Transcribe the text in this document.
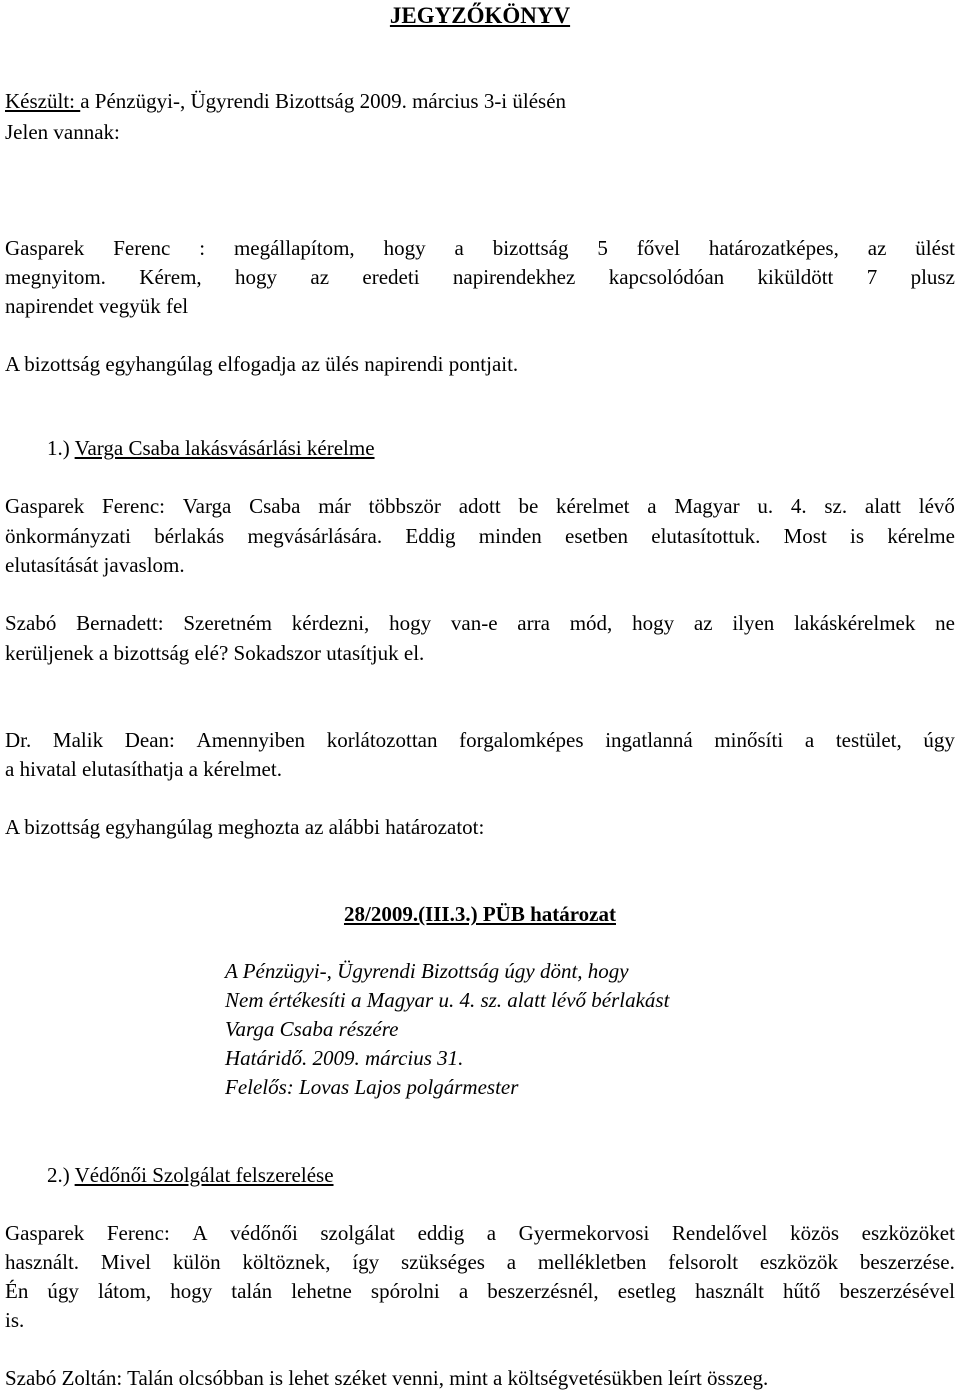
JEGYZŐKÖNYV
Készült: a Pénzügyi-, Ügyrendi Bizottság 2009. március 3-i ülésén
Jelen vannak:
Gasparek Ferenc : megállapítom, hogy a bizottság 5 fővel határozatképes, az ülést
megnyitom. Kérem, hogy az eredeti napirendekhez kapcsolódóan kiküldött 7 plusz
napirendet vegyük fel
A bizottság egyhangúlag elfogadja az ülés napirendi pontjait.
1.) Varga Csaba lakásvásárlási kérelme
Gasparek Ferenc: Varga Csaba már többször adott be kérelmet a Magyar u. 4. sz. alatt lévő
önkormányzati bérlakás megvásárlására. Eddig minden esetben elutasítottuk. Most is kérelme
elutasítását javaslom.
Szabó Bernadett: Szeretném kérdezni, hogy van-e arra mód, hogy az ilyen lakáskérelmek ne
kerüljenek a bizottság elé? Sokadszor utasítjuk el.
Dr. Malik Dean: Amennyiben korlátozottan forgalomképes ingatlanná minősíti a testület, úgy
a hivatal elutasíthatja a kérelmet.
A bizottság egyhangúlag meghozta az alábbi határozatot:
28/2009.(III.3.) PÜB határozat
A Pénzügyi-, Ügyrendi Bizottság úgy dönt, hogy
Nem értékesíti a Magyar u. 4. sz. alatt lévő bérlakást
Varga Csaba részére
Határidő. 2009. március 31.
Felelős: Lovas Lajos polgármester
2.) Védőnői Szolgálat felszerelése
Gasparek Ferenc: A védőnői szolgálat eddig a Gyermekorvosi Rendelővel közös eszközöket
használt. Mivel külön költöznek, így szükséges a mellékletben felsorolt eszközök beszerzése.
Én úgy látom, hogy talán lehetne spórolni a beszerzésnél, esetleg használt hűtő beszerzésével
is.
Szabó Zoltán: Talán olcsóbban is lehet széket venni, mint a költségvetésükben leírt összeg.
